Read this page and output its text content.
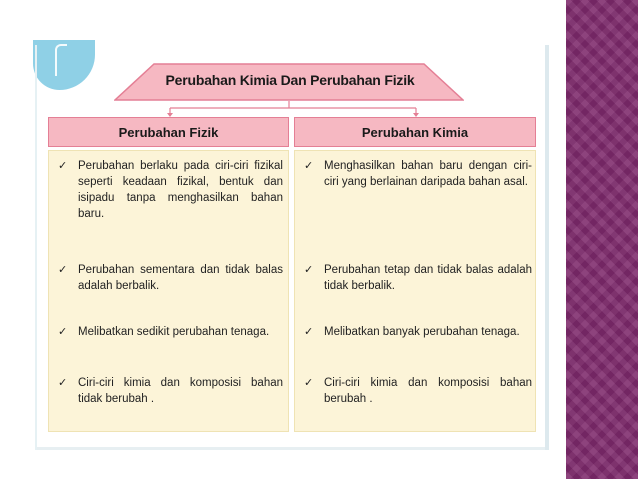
Perubahan Kimia Dan Perubahan Fizik
Perubahan Fizik	Perubahan Kimia
✓ Perubahan berlaku pada ciri-ciri fizikal seperti keadaan fizikal, bentuk dan isipadu tanpa menghasilkan bahan baru.
✓ Perubahan sementara dan tidak balas adalah berbalik.
✓ Melibatkan sedikit perubahan tenaga.
✓ Ciri-ciri kimia dan komposisi bahan tidak berubah .
✓ Menghasilkan bahan baru dengan ciri-ciri yang berlainan daripada bahan asal.
✓ Perubahan tetap dan tidak balas adalah tidak berbalik.
✓ Melibatkan banyak perubahan tenaga.
✓ Ciri-ciri kimia dan komposisi bahan berubah .
